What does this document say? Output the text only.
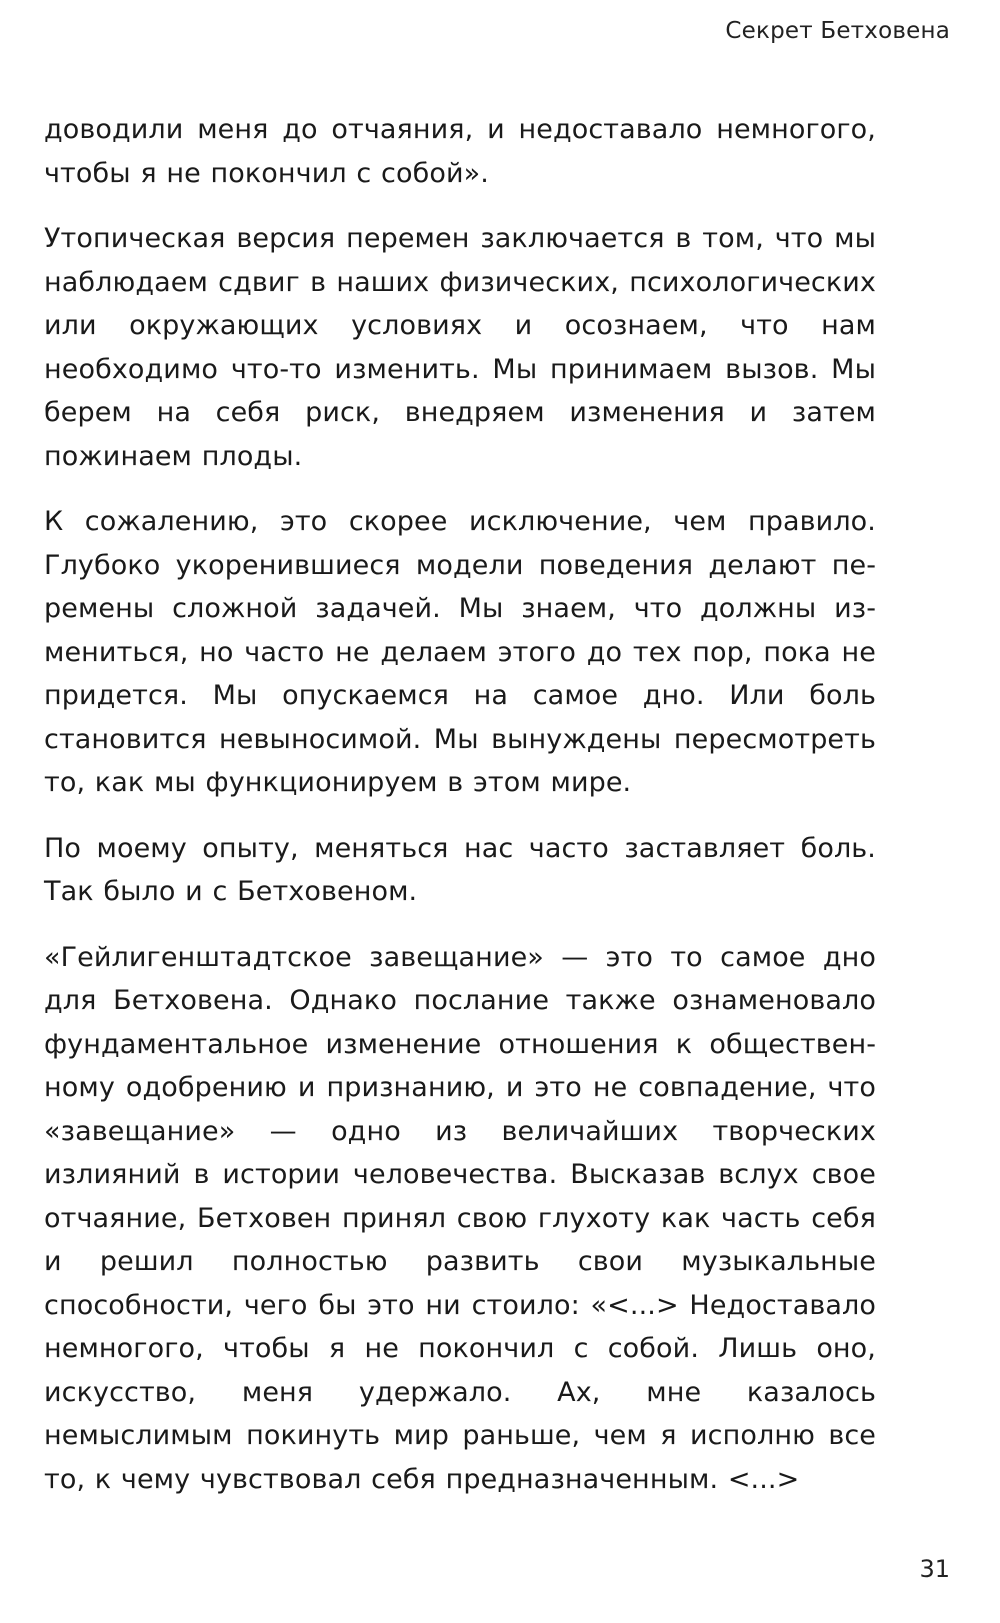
Секрет Бетховена

доводили меня до отчаяния, и недоставало немногого, чтобы я не покончил с собой».

Утопическая версия перемен заключается в том, что мы наблюдаем сдвиг в наших физических, психологических или окружающих условиях и осознаем, что нам необходимо что-то изменить. Мы принимаем вызов. Мы берем на себя риск, внедряем изменения и затем пожинаем плоды.

К сожалению, это скорее исключение, чем правило. Глубоко укоренившиеся модели поведения делают перемены сложной задачей. Мы знаем, что должны измениться, но часто не делаем этого до тех пор, пока не придется. Мы опускаемся на самое дно. Или боль становится невыносимой. Мы вынуждены пересмотреть то, как мы функционируем в этом мире.

По моему опыту, меняться нас часто заставляет боль. Так было и с Бетховеном.

«Гейлигенштадтское завещание» — это то самое дно для Бетховена. Однако послание также ознаменовало фундаментальное изменение отношения к общественному одобрению и признанию, и это не совпадение, что «завещание» — одно из величайших творческих излияний в истории человечества. Высказав вслух свое отчаяние, Бетховен принял свою глухоту как часть себя и решил полностью развить свои музыкальные способности, чего бы это ни стоило: «<...> Недоставало немногого, чтобы я не покончил с собой. Лишь оно, искусство, меня удержало. Ах, мне казалось немыслимым покинуть мир раньше, чем я исполню все то, к чему чувствовал себя предназначенным. <...>

31
